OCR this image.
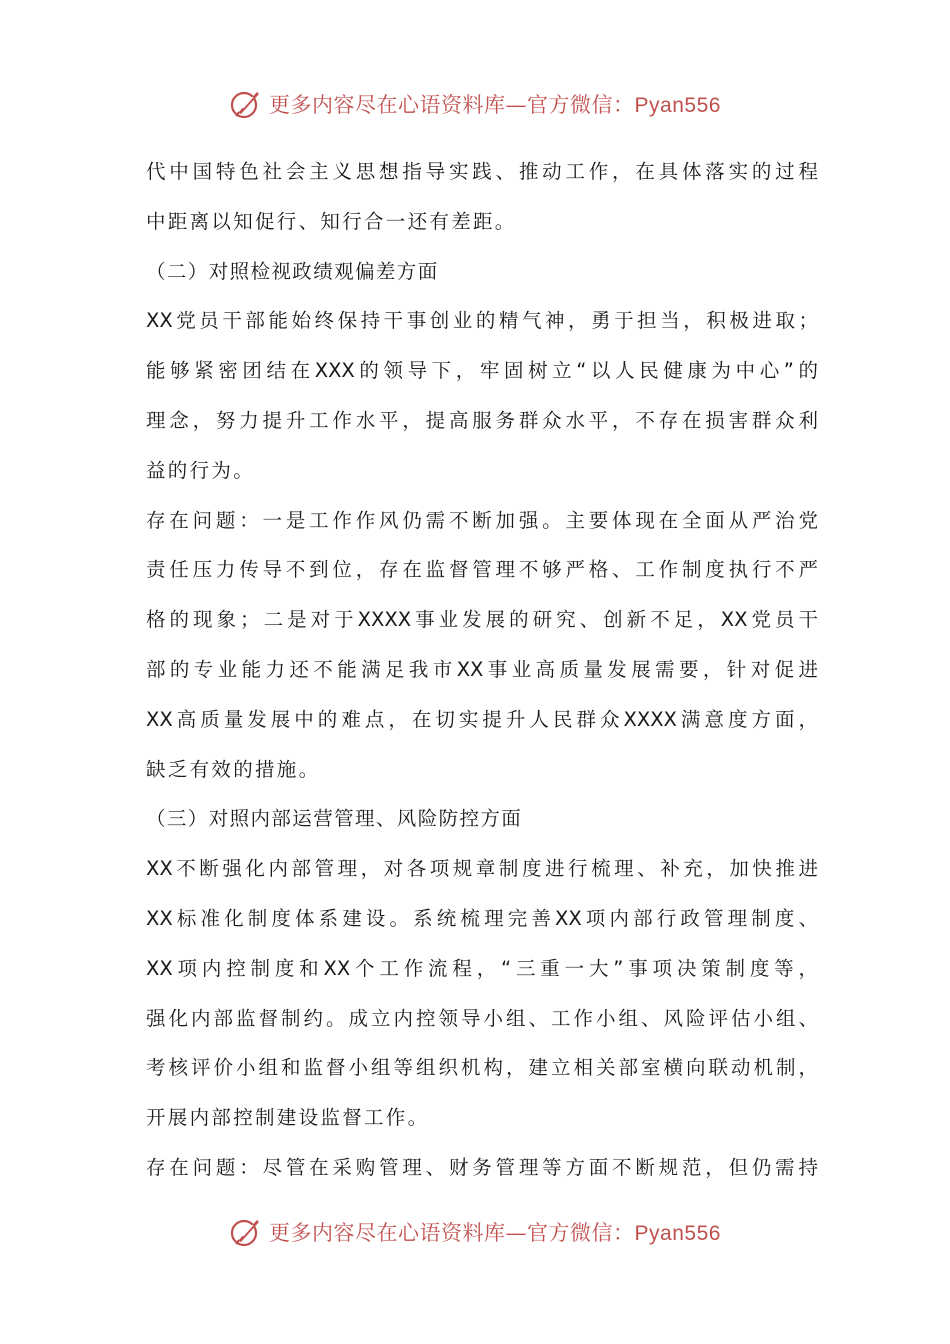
更多内容尽在心语资料库—官方微信：Pyan556
代中国特色社会主义思想指导实践、推动工作，在具体落实的过程
中距离以知促行、知行合一还有差距。
（二）对照检视政绩观偏差方面
XX党员干部能始终保持干事创业的精气神，勇于担当，积极进取；
能够紧密团结在XXX的领导下，牢固树立“以人民健康为中心”的
理念，努力提升工作水平，提高服务群众水平，不存在损害群众利
益的行为。
存在问题：一是工作作风仍需不断加强。主要体现在全面从严治党
责任压力传导不到位，存在监督管理不够严格、工作制度执行不严
格的现象；二是对于XXXX事业发展的研究、创新不足，XX党员干
部的专业能力还不能满足我市XX事业高质量发展需要，针对促进
XX高质量发展中的难点，在切实提升人民群众XXXX满意度方面，
缺乏有效的措施。
（三）对照内部运营管理、风险防控方面
XX不断强化内部管理，对各项规章制度进行梳理、补充，加快推进
XX标准化制度体系建设。系统梳理完善XX项内部行政管理制度、
XX项内控制度和XX个工作流程，“三重一大”事项决策制度等，
强化内部监督制约。成立内控领导小组、工作小组、风险评估小组、
考核评价小组和监督小组等组织机构，建立相关部室横向联动机制，
开展内部控制建设监督工作。
存在问题：尽管在采购管理、财务管理等方面不断规范，但仍需持
更多内容尽在心语资料库—官方微信：Pyan556
